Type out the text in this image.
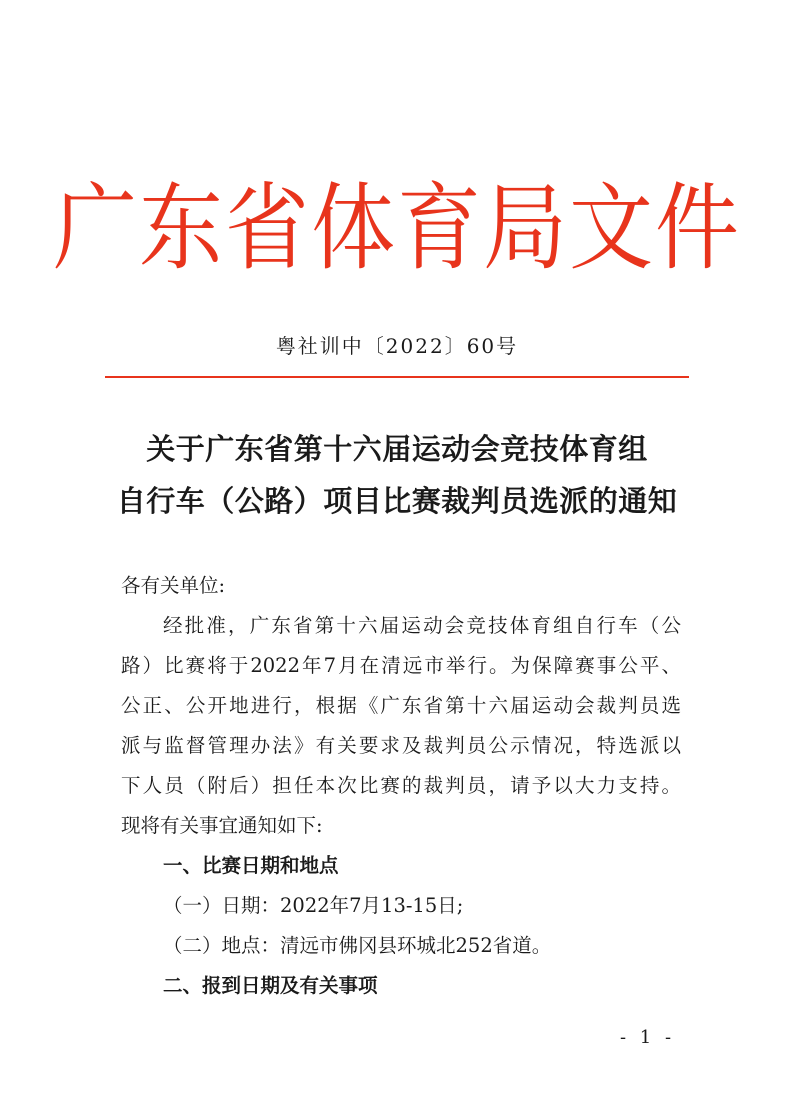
广东省体育局文件
粤社训中〔2022〕60号
关于广东省第十六届运动会竞技体育组
自行车（公路）项目比赛裁判员选派的通知
各有关单位:
经批准，广东省第十六届运动会竞技体育组自行车（公
路）比赛将于2022年7月在清远市举行。为保障赛事公平、
公正、公开地进行，根据《广东省第十六届运动会裁判员选
派与监督管理办法》有关要求及裁判员公示情况，特选派以
下人员（附后）担任本次比赛的裁判员，请予以大力支持。
现将有关事宜通知如下:
一、比赛日期和地点
（一）日期：2022年7月13-15日;
（二）地点：清远市佛冈县环城北252省道。
二、报到日期及有关事项
- 1 -
